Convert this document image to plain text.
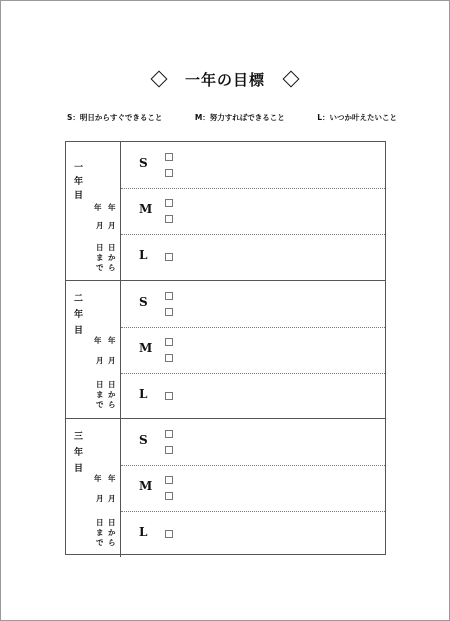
一年の目標
S：明日からすぐできること	M：努力すればできること	L：いつか叶えたいこと
一
年
目
年 年
月 月
日
ま
で
日
か
ら
S
M
L
二
年
目
年 年
月 月
日
ま
で
日
か
ら
S
M
L
三
年
目
年 年
月 月
日
ま
で
日
か
ら
S
M
L
